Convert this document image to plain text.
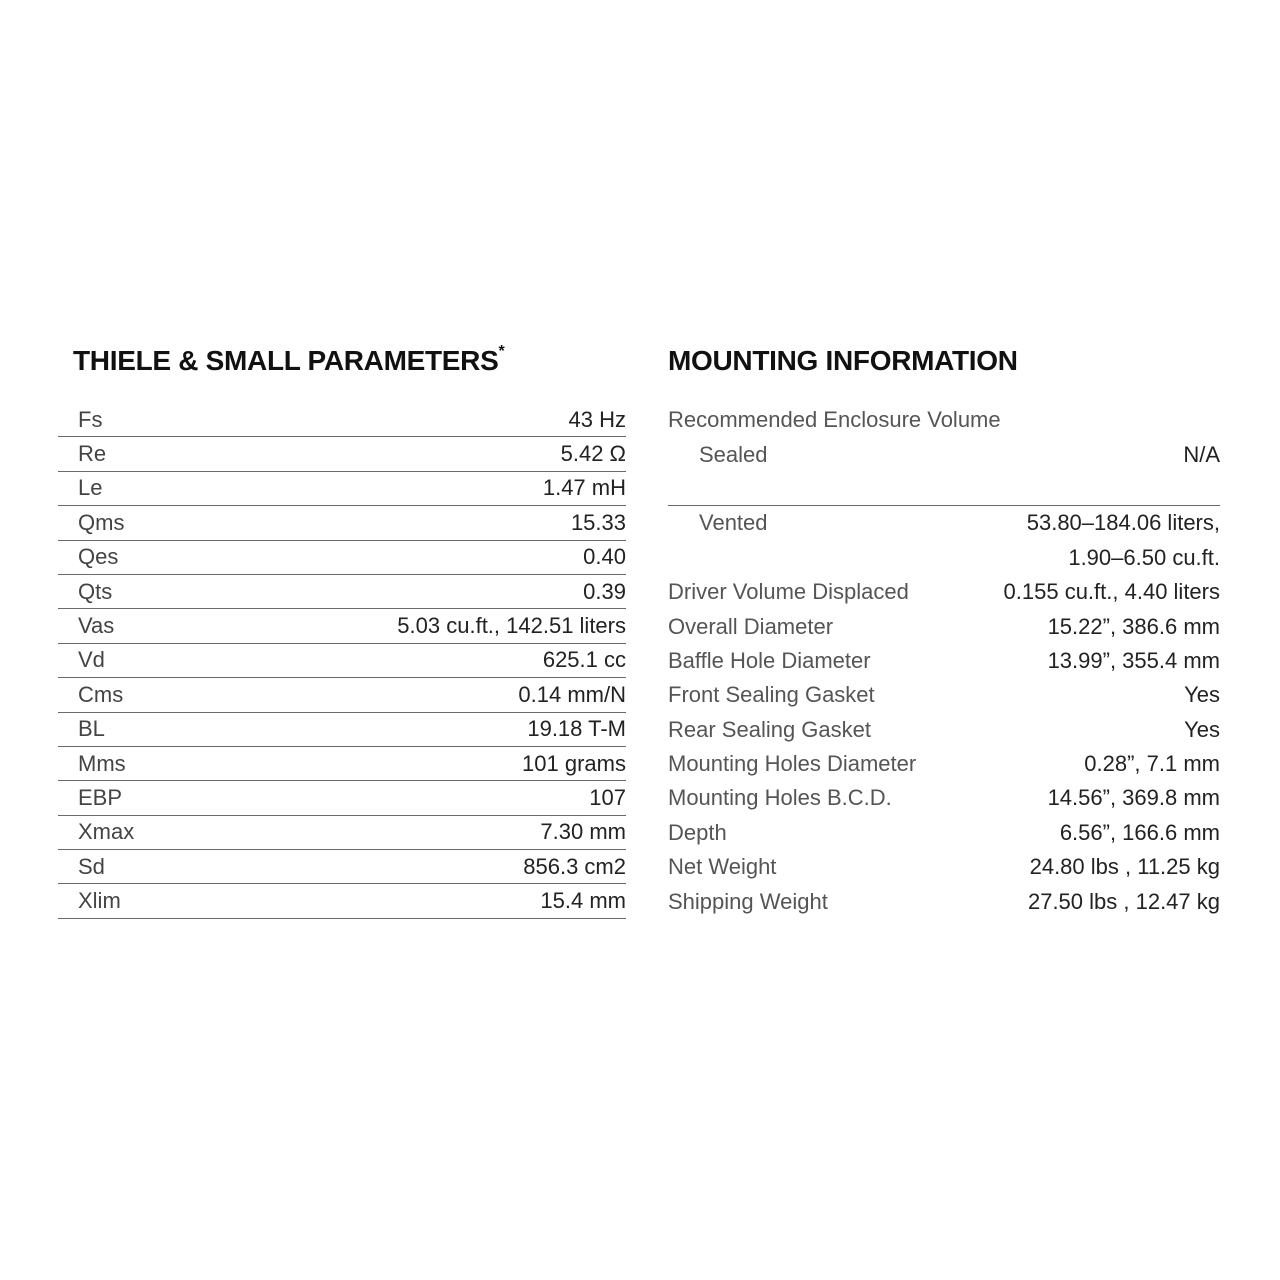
THIELE & SMALL PARAMETERS*	MOUNTING INFORMATION
Fs	43 Hz
Re	5.42 Ω
Le	1.47 mH
Qms	15.33
Qes	0.40
Qts	0.39
Vas	5.03 cu.ft., 142.51 liters
Vd	625.1 cc
Cms	0.14 mm/N
BL	19.18 T-M
Mms	101 grams
EBP	107
Xmax	7.30 mm
Sd	856.3 cm2
Xlim	15.4 mm
Recommended Enclosure Volume
Sealed	N/A
Vented	53.80–184.06 liters,
1.90–6.50 cu.ft.
Driver Volume Displaced	0.155 cu.ft., 4.40 liters
Overall Diameter	15.22”, 386.6 mm
Baffle Hole Diameter	13.99”, 355.4 mm
Front Sealing Gasket	Yes
Rear Sealing Gasket	Yes
Mounting Holes Diameter	0.28”, 7.1 mm
Mounting Holes B.C.D.	14.56”, 369.8 mm
Depth	6.56”, 166.6 mm
Net Weight	24.80 lbs , 11.25 kg
Shipping Weight	27.50 lbs , 12.47 kg
